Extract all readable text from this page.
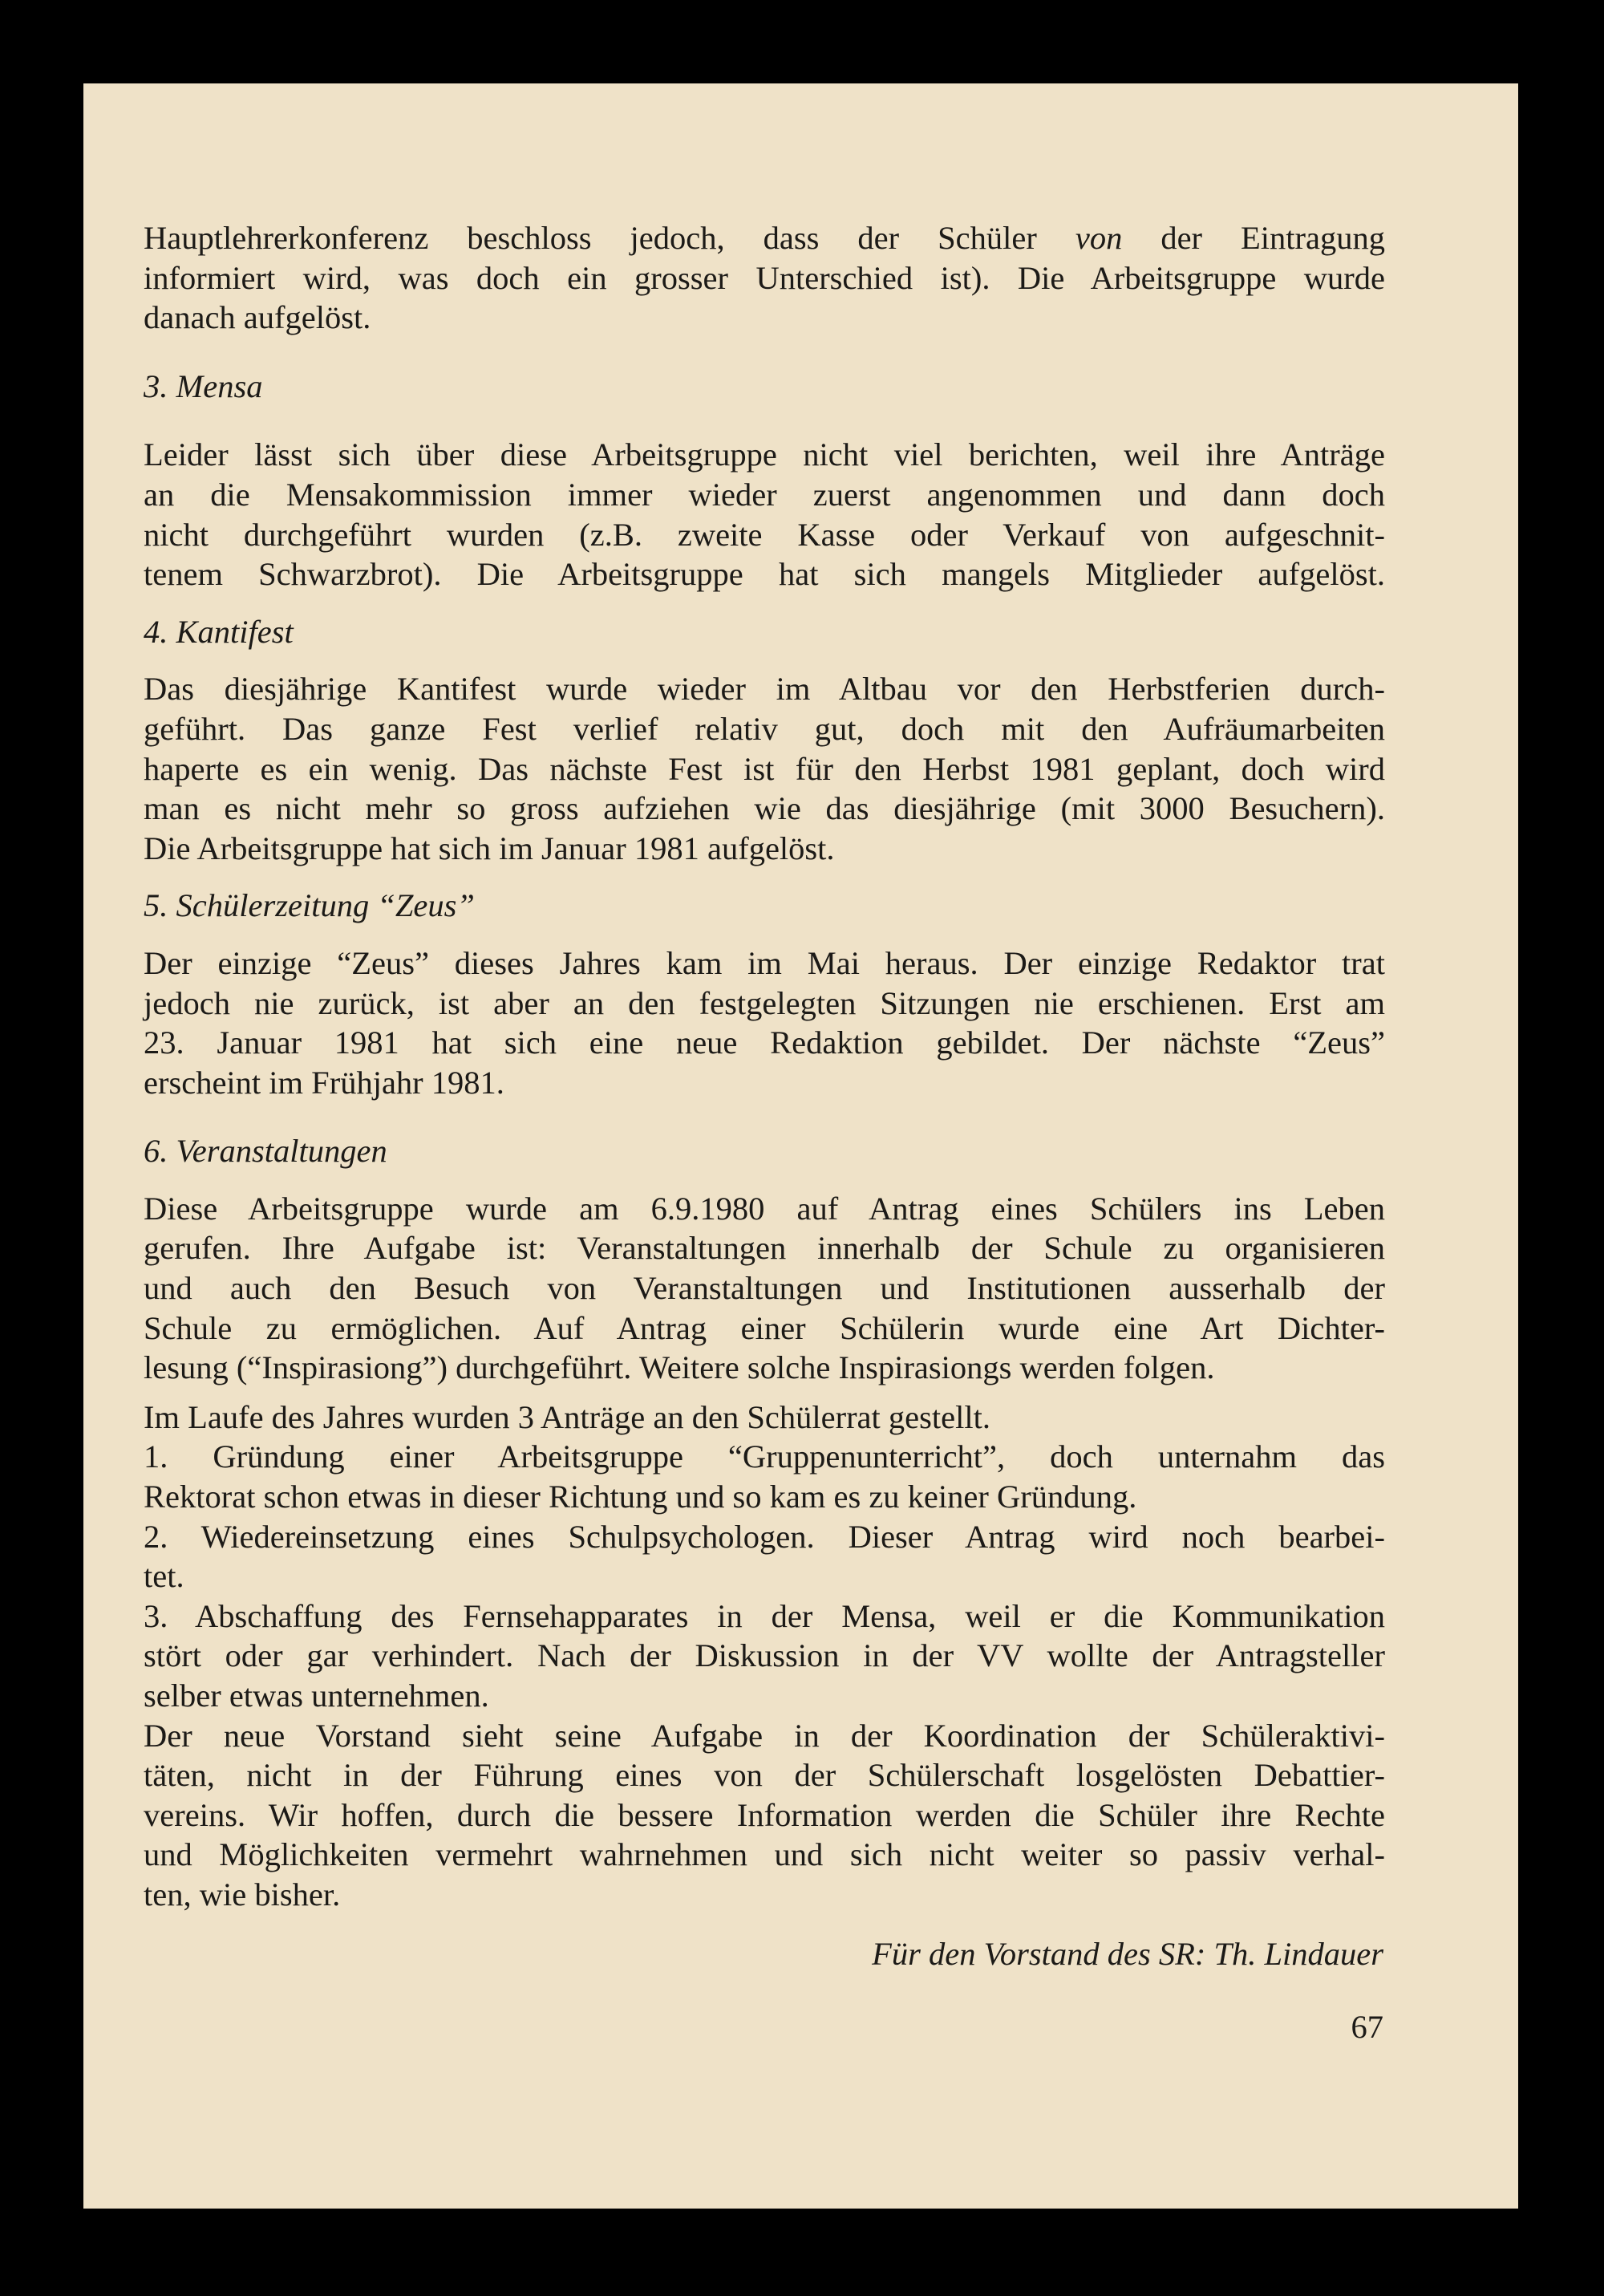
Hauptlehrerkonferenz beschloss jedoch, dass der Schüler von der Eintragung
informiert wird, was doch ein grosser Unterschied ist). Die Arbeitsgruppe wurde
danach aufgelöst.

3. Mensa

Leider lässt sich über diese Arbeitsgruppe nicht viel berichten, weil ihre Anträge
an die Mensakommission immer wieder zuerst angenommen und dann doch
nicht durchgeführt wurden (z.B. zweite Kasse oder Verkauf von aufgeschnit-
tenem Schwarzbrot). Die Arbeitsgruppe hat sich mangels Mitglieder aufgelöst.

4. Kantifest

Das diesjährige Kantifest wurde wieder im Altbau vor den Herbstferien durch-
geführt. Das ganze Fest verlief relativ gut, doch mit den Aufräumarbeiten
haperte es ein wenig. Das nächste Fest ist für den Herbst 1981 geplant, doch wird
man es nicht mehr so gross aufziehen wie das diesjährige (mit 3000 Besuchern).
Die Arbeitsgruppe hat sich im Januar 1981 aufgelöst.

5. Schülerzeitung “Zeus”

Der einzige “Zeus” dieses Jahres kam im Mai heraus. Der einzige Redaktor trat
jedoch nie zurück, ist aber an den festgelegten Sitzungen nie erschienen. Erst am
23. Januar 1981 hat sich eine neue Redaktion gebildet. Der nächste “Zeus”
erscheint im Frühjahr 1981.

6. Veranstaltungen

Diese Arbeitsgruppe wurde am 6.9.1980 auf Antrag eines Schülers ins Leben
gerufen. Ihre Aufgabe ist: Veranstaltungen innerhalb der Schule zu organisieren
und auch den Besuch von Veranstaltungen und Institutionen ausserhalb der
Schule zu ermöglichen. Auf Antrag einer Schülerin wurde eine Art Dichter-
lesung (“Inspirasiong”) durchgeführt. Weitere solche Inspirasiongs werden folgen.

Im Laufe des Jahres wurden 3 Anträge an den Schülerrat gestellt.
1. Gründung einer Arbeitsgruppe “Gruppenunterricht”, doch unternahm das
Rektorat schon etwas in dieser Richtung und so kam es zu keiner Gründung.
2. Wiedereinsetzung eines Schulpsychologen. Dieser Antrag wird noch bearbei-
tet.
3. Abschaffung des Fernsehapparates in der Mensa, weil er die Kommunikation
stört oder gar verhindert. Nach der Diskussion in der VV wollte der Antragsteller
selber etwas unternehmen.
Der neue Vorstand sieht seine Aufgabe in der Koordination der Schüleraktivi-
täten, nicht in der Führung eines von der Schülerschaft losgelösten Debattier-
vereins. Wir hoffen, durch die bessere Information werden die Schüler ihre Rechte
und Möglichkeiten vermehrt wahrnehmen und sich nicht weiter so passiv verhal-
ten, wie bisher.

Für den Vorstand des SR: Th. Lindauer
67
